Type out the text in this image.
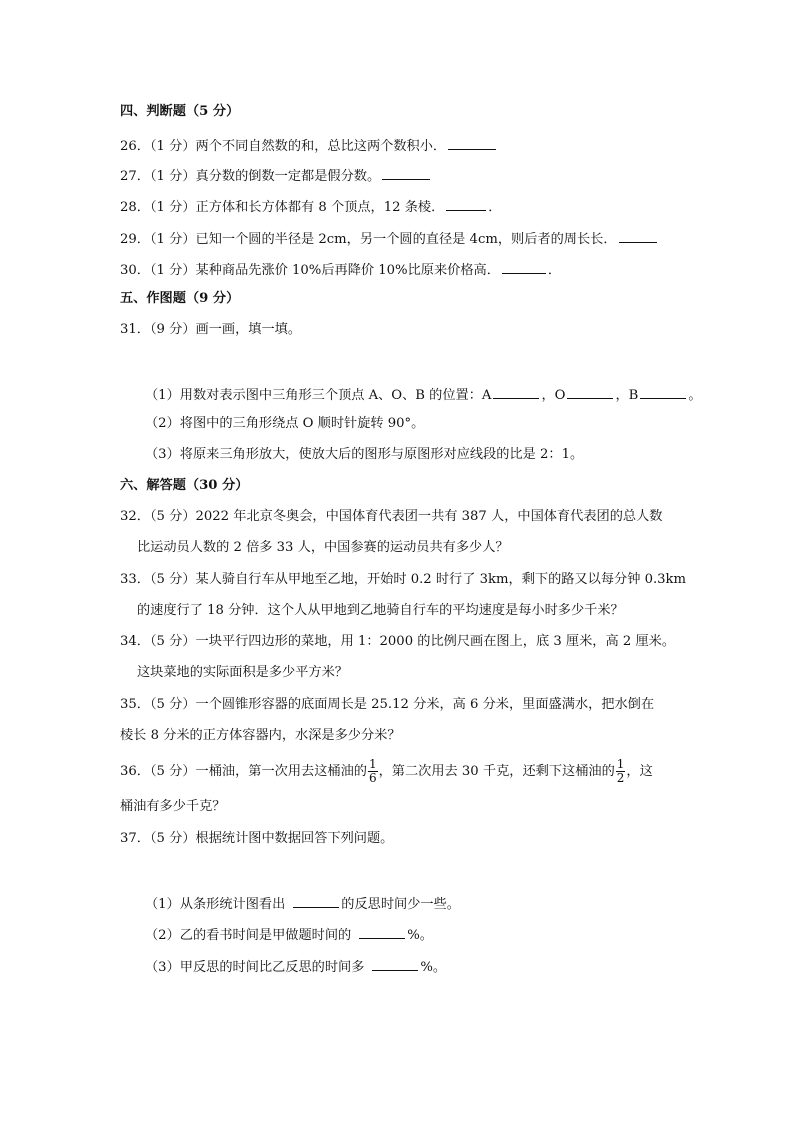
四、判断题（5 分）
26．（1 分）两个不同自然数的和，总比这两个数积小．
27．（1 分）真分数的倒数一定都是假分数。
28．（1 分）正方体和长方体都有 8 个顶点，12 条棱．	．
29．（1 分）已知一个圆的半径是 2cm，另一个圆的直径是 4cm，则后者的周长长．
30．（1 分）某种商品先涨价 10%后再降价 10%比原来价格高．	．
五、作图题（9 分）
31．（9 分）画一画，填一填。
（1）用数对表示图中三角形三个顶点 A、O、B 的位置：A	，O	，B	。
（2）将图中的三角形绕点 O 顺时针旋转 90°。
（3）将原来三角形放大，使放大后的图形与原图形对应线段的比是 2：1。
六、解答题（30 分）
32．（5 分）2022 年北京冬奥会，中国体育代表团一共有 387 人，中国体育代表团的总人数
比运动员人数的 2 倍多 33 人，中国参赛的运动员共有多少人？
33．（5 分）某人骑自行车从甲地至乙地，开始时 0.2 时行了 3km，剩下的路又以每分钟 0.3km
的速度行了 18 分钟．这个人从甲地到乙地骑自行车的平均速度是每小时多少千米？
34．（5 分）一块平行四边形的菜地，用 1：2000 的比例尺画在图上，底 3 厘米，高 2 厘米。
这块菜地的实际面积是多少平方米？
35．（5 分）一个圆锥形容器的底面周长是 25.12 分米，高 6 分米，里面盛满水，把水倒在
棱长 8 分米的正方体容器内，水深是多少分米？
36．（5 分）一桶油，第一次用去这桶油的 $\frac{1}{6}$ ，第二次用去 30 千克，还剩下这桶油的 $\frac{1}{2}$ ，这
桶油有多少千克？
37．（5 分）根据统计图中数据回答下列问题。
（1）从条形统计图看出	的反思时间少一些。
（2）乙的看书时间是甲做题时间的	%。
（3）甲反思的时间比乙反思的时间多	%。
